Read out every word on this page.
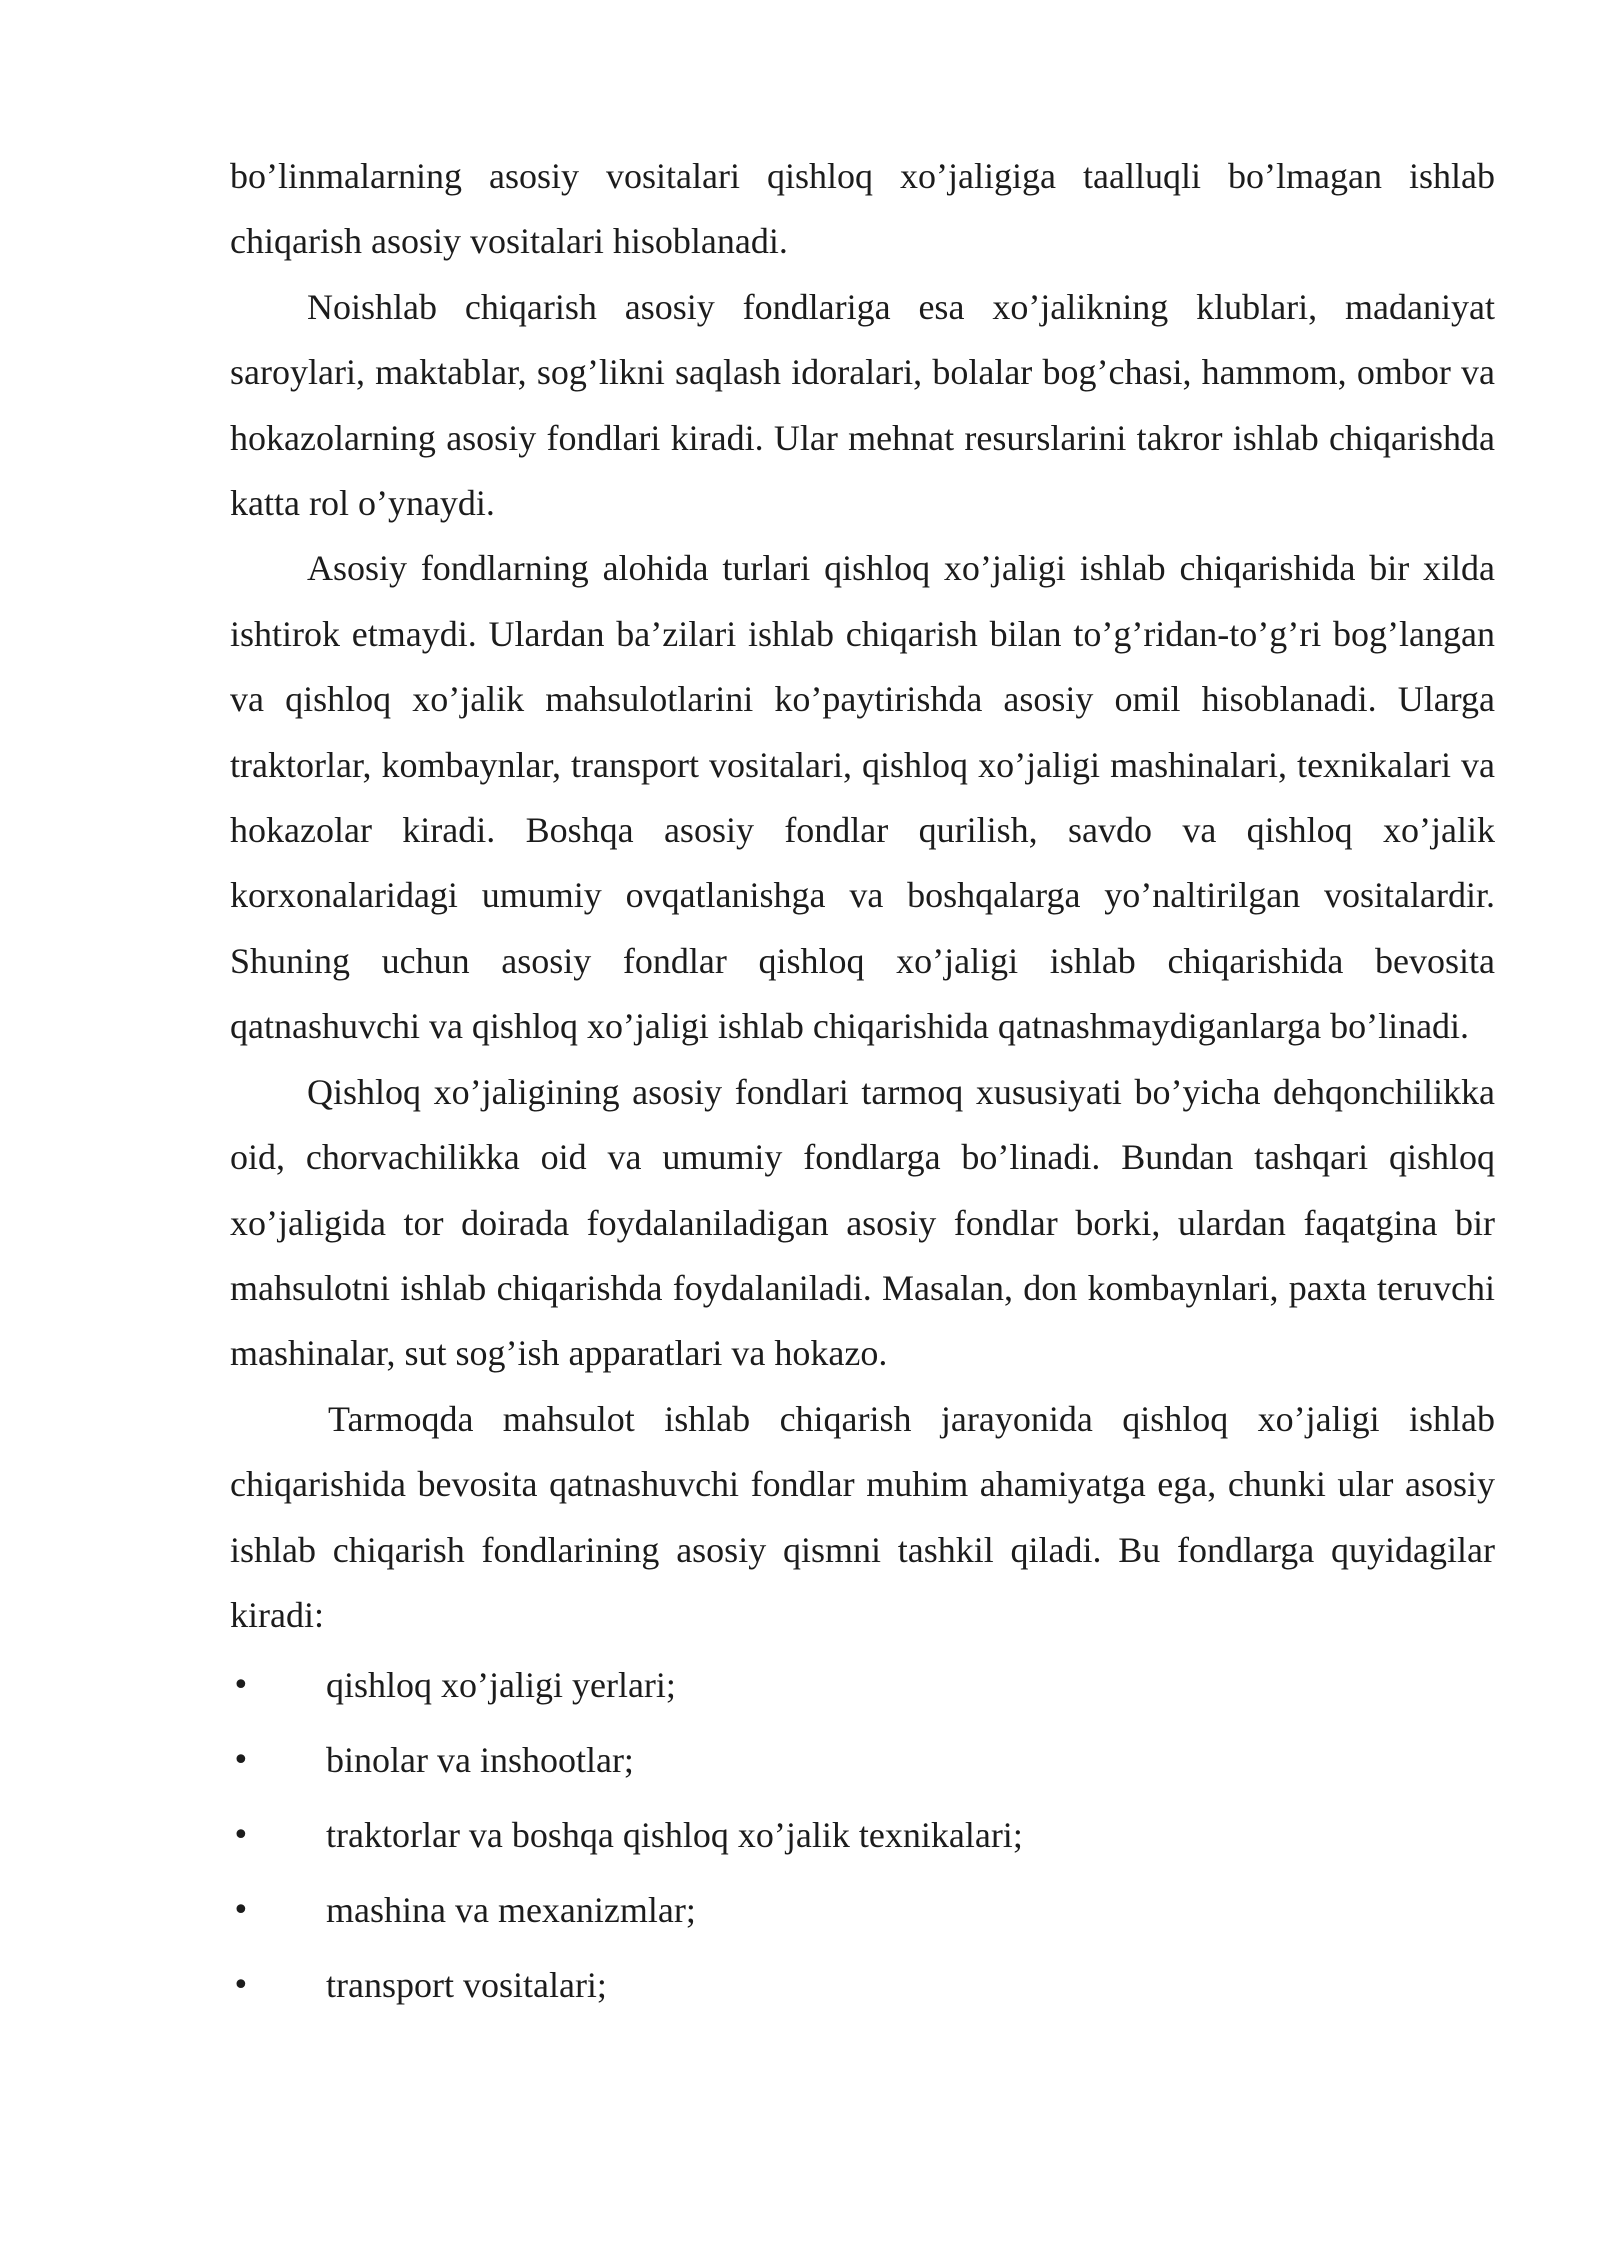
bo’linmalarning asosiy vositalari qishloq xo’jaligiga taalluqli bo’lmagan ishlab chiqarish asosiy vositalari hisoblanadi.

Noishlab chiqarish asosiy fondlariga esa xo’jalikning klublari, madaniyat saroylari, maktablar, sog’likni saqlash idoralari, bolalar bog’chasi, hammom, ombor va hokazolarning asosiy fondlari kiradi. Ular mehnat resurslarini takror ishlab chiqarishda katta rol o’ynaydi.

Asosiy fondlarning alohida turlari qishloq xo’jaligi ishlab chiqarishida bir xilda ishtirok etmaydi. Ulardan ba’zilari ishlab chiqarish bilan to’g’ridan-to’g’ri bog’langan va qishloq xo’jalik mahsulotlarini ko’paytirishda asosiy omil hisoblanadi. Ularga traktorlar, kombaynlar, transport vositalari, qishloq xo’jaligi mashinalari, texnikalari va hokazolar kiradi. Boshqa asosiy fondlar qurilish, savdo va qishloq xo’jalik korxonalaridagi umumiy ovqatlanishga va boshqalarga yo’naltirilgan vositalardir. Shuning uchun asosiy fondlar qishloq xo’jaligi ishlab chiqarishida bevosita qatnashuvchi va qishloq xo’jaligi ishlab chiqarishida qatnashmaydiganlarga bo’linadi.

Qishloq xo’jaligining asosiy fondlari tarmoq xususiyati bo’yicha dehqonchilikka oid, chorvachilikka oid va umumiy fondlarga bo’linadi. Bundan tashqari qishloq xo’jaligida tor doirada foydalaniladigan asosiy fondlar borki, ulardan faqatgina bir mahsulotni ishlab chiqarishda foydalaniladi. Masalan, don kombaynlari, paxta teruvchi mashinalar, sut sog’ish apparatlari va hokazo.

Tarmoqda mahsulot ishlab chiqarish jarayonida qishloq xo’jaligi ishlab chiqarishida bevosita qatnashuvchi fondlar muhim ahamiyatga ega, chunki ular asosiy ishlab chiqarish fondlarining asosiy qismni tashkil qiladi. Bu fondlarga quyidagilar kiradi:

•	qishloq xo’jaligi yerlari;
•	binolar va inshootlar;
•	traktorlar va boshqa qishloq xo’jalik texnikalari;
•	mashina va mexanizmlar;
•	transport vositalari;
